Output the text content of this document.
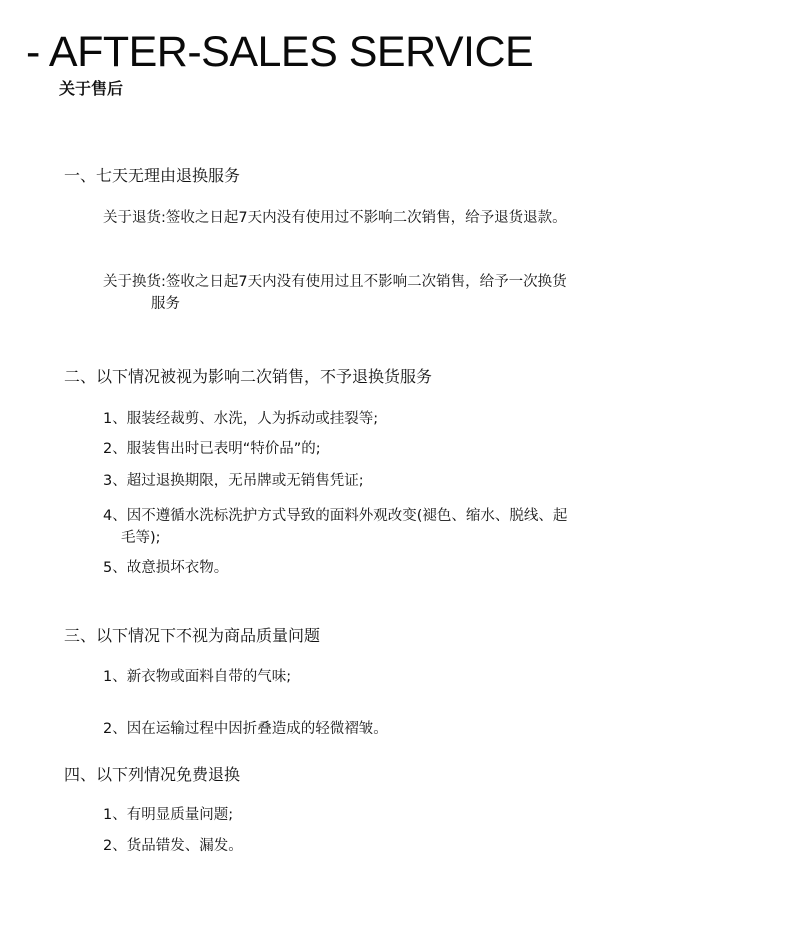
- AFTER-SALES SERVICE
关于售后
一、七天无理由退换服务
关于退货:签收之日起7天内没有使用过不影响二次销售，给予退货退款。
关于换货:签收之日起7天内没有使用过且不影响二次销售，给予一次换货服务
二、以下情况被视为影响二次销售，不予退换货服务
1、服装经裁剪、水洗，人为拆动或挂裂等;
2、服装售出时已表明“特价品”的;
3、超过退换期限，无吊牌或无销售凭证;
4、因不遵循水洗标洗护方式导致的面料外观改变(褪色、缩水、脱线、起毛等);
5、故意损坏衣物。
三、以下情况下不视为商品质量问题
1、新衣物或面料自带的气味;
2、因在运输过程中因折叠造成的轻微褶皱。
四、以下列情况免费退换
1、有明显质量问题;
2、货品错发、漏发。
